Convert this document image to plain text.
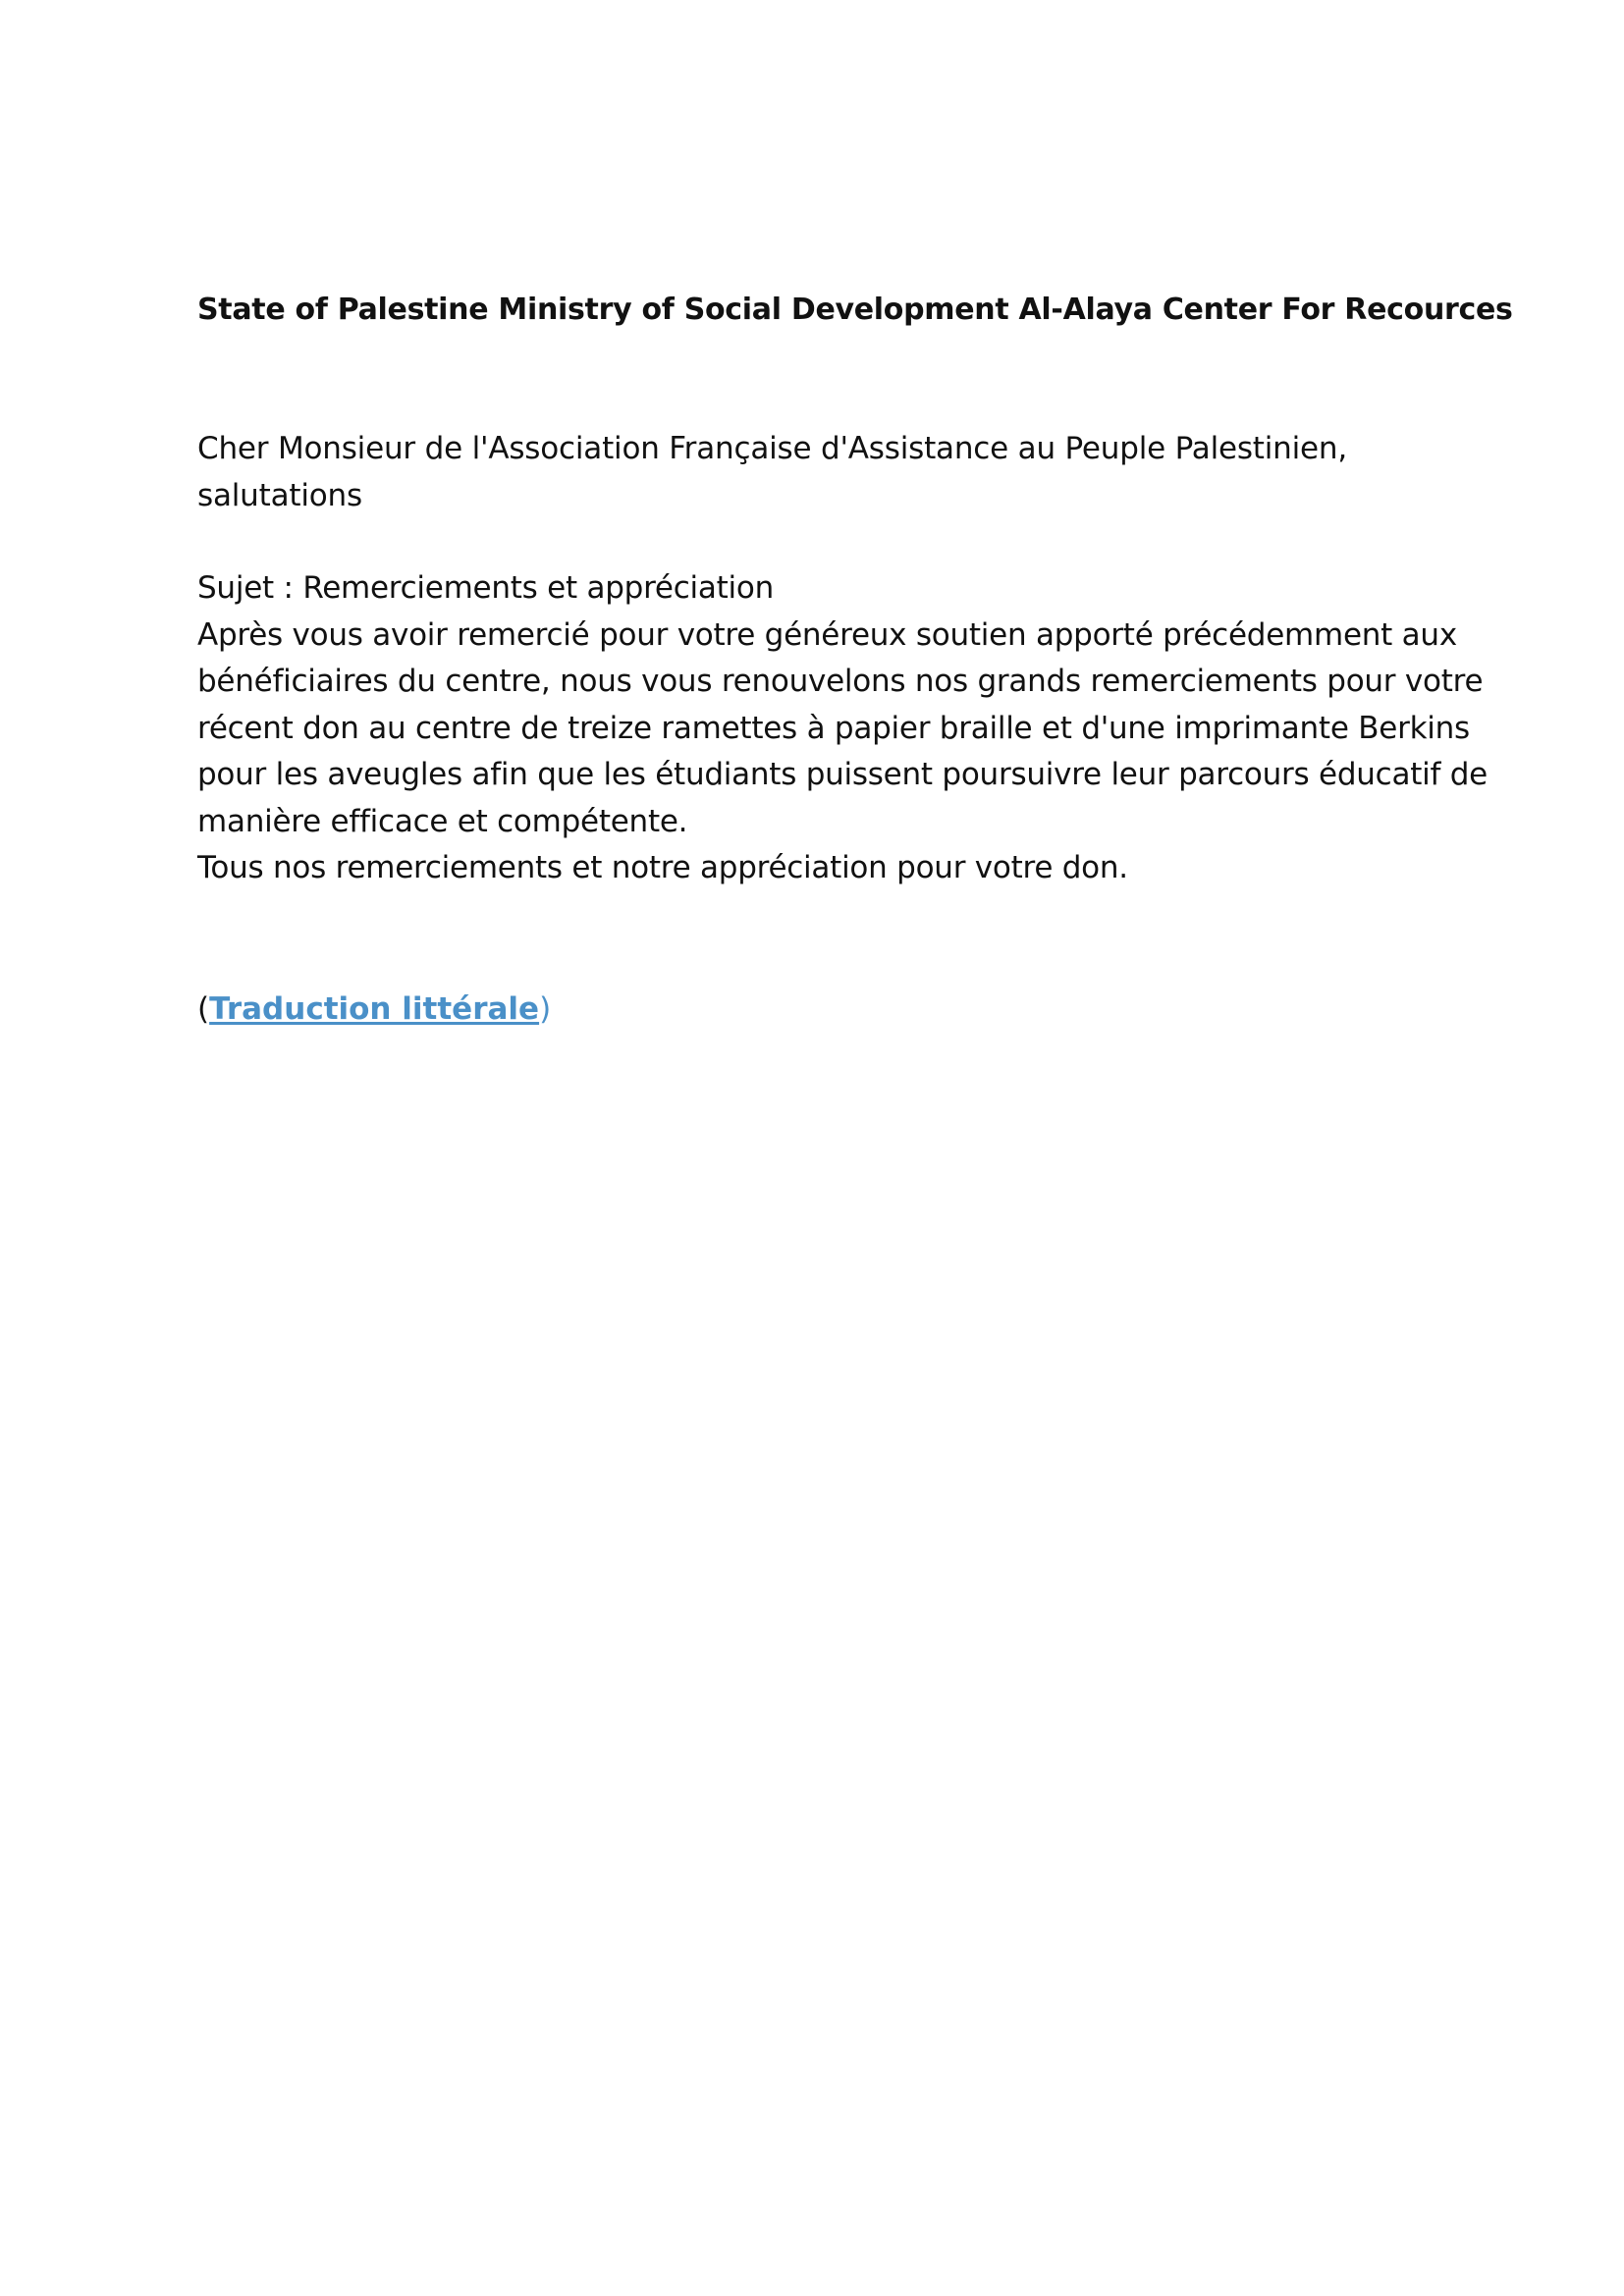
State of Palestine Ministry of Social Development Al-Alaya Center For Recources
Cher Monsieur de l'Association Française d'Assistance au Peuple Palestinien,
salutations
Sujet : Remerciements et appréciation
Après vous avoir remercié pour votre généreux soutien apporté précédemment aux
bénéficiaires du centre, nous vous renouvelons nos grands remerciements pour votre
récent don au centre de treize ramettes à papier braille et d'une imprimante Berkins
pour les aveugles afin que les étudiants puissent poursuivre leur parcours éducatif de
manière efficace et compétente.
Tous nos remerciements et notre appréciation pour votre don.
(Traduction littérale)
